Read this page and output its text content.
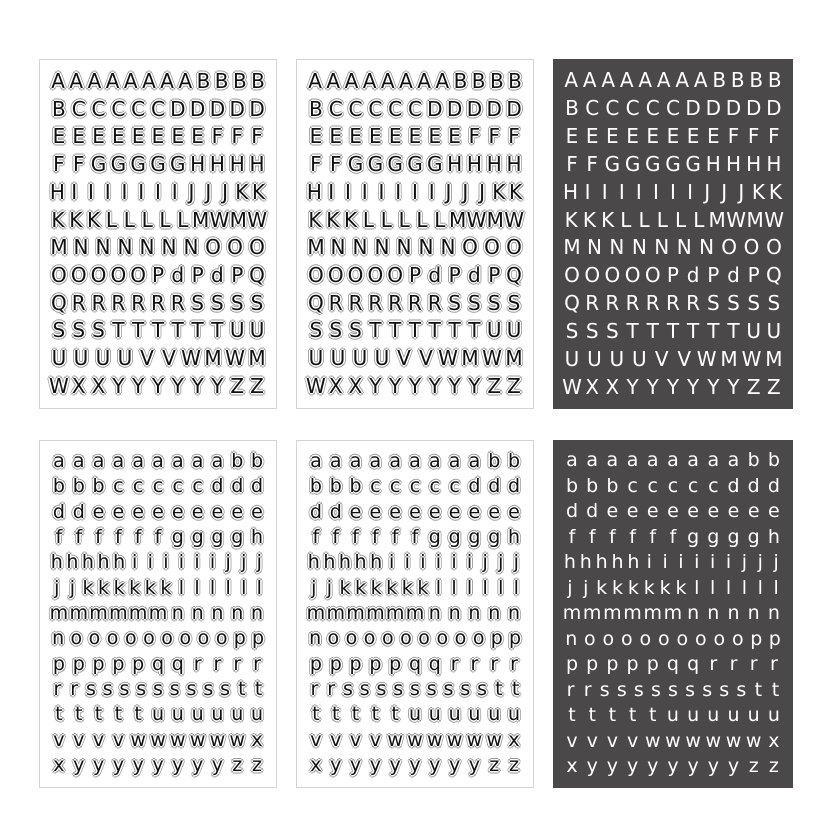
A A A A A A A A B B B B
B C C C C C D D D D D
E E E E E E E E F F F
F F G G G G G H H H H
H I I I I I I I J J J K K
K K K L L L L L M W M W
M N N N N N N O O O
O O O O O P d P d P Q
Q R R R R R R S S S S
S S S T T T T T T U U
U U U U V V W M W M
W X X Y Y Y Y Y Y Z Z
A A A A A A A A B B B B
B C C C C C D D D D D
E E E E E E E E F F F
F F G G G G G H H H H
H I I I I I I I J J J K K
K K K L L L L L M W M W
M N N N N N N O O O
O O O O O P d P d P Q
Q R R R R R R S S S S
S S S T T T T T T U U
U U U U V V W M W M
W X X Y Y Y Y Y Y Z Z
A A A A A A A A B B B B
B C C C C C D D D D D
E E E E E E E E F F F
F F G G G G G H H H H
H I I I I I I I J J J K K
K K K L L L L L M W M W
M N N N N N N O O O
O O O O O P d P d P Q
Q R R R R R R S S S S
S S S T T T T T T U U
U U U U V V W M W M
W X X Y Y Y Y Y Y Z Z
a a a a a a a a a b b
b b b c c c c c d d d
d d e e e e e e e e e
f f f f f f g g g g h
h h h h h i i i i i i j j j
j j k k k k k k l l l l l l
m m m m m m n n n n n
n o o o o o o o o o p p
p p p p p q q r r r r
r r s s s s s s s s s t t
t t t t t u u u u u u
v v v v w w w w w w x
x y y y y y y y y z z
a a a a a a a a a b b
b b b c c c c c d d d
d d e e e e e e e e e
f f f f f f g g g g h
h h h h h i i i i i i j j j
j j k k k k k k l l l l l l
m m m m m m n n n n n
n o o o o o o o o o p p
p p p p p q q r r r r
r r s s s s s s s s s t t
t t t t t u u u u u u
v v v v w w w w w w x
x y y y y y y y y z z
a a a a a a a a a b b
b b b c c c c c d d d
d d e e e e e e e e e
f f f f f f g g g g h
h h h h h i i i i i i j j j
j j k k k k k k l l l l l l
m m m m m m n n n n n
n o o o o o o o o o p p
p p p p p q q r r r r
r r s s s s s s s s s t t
t t t t t u u u u u u
v v v v w w w w w w x
x y y y y y y y y z z
